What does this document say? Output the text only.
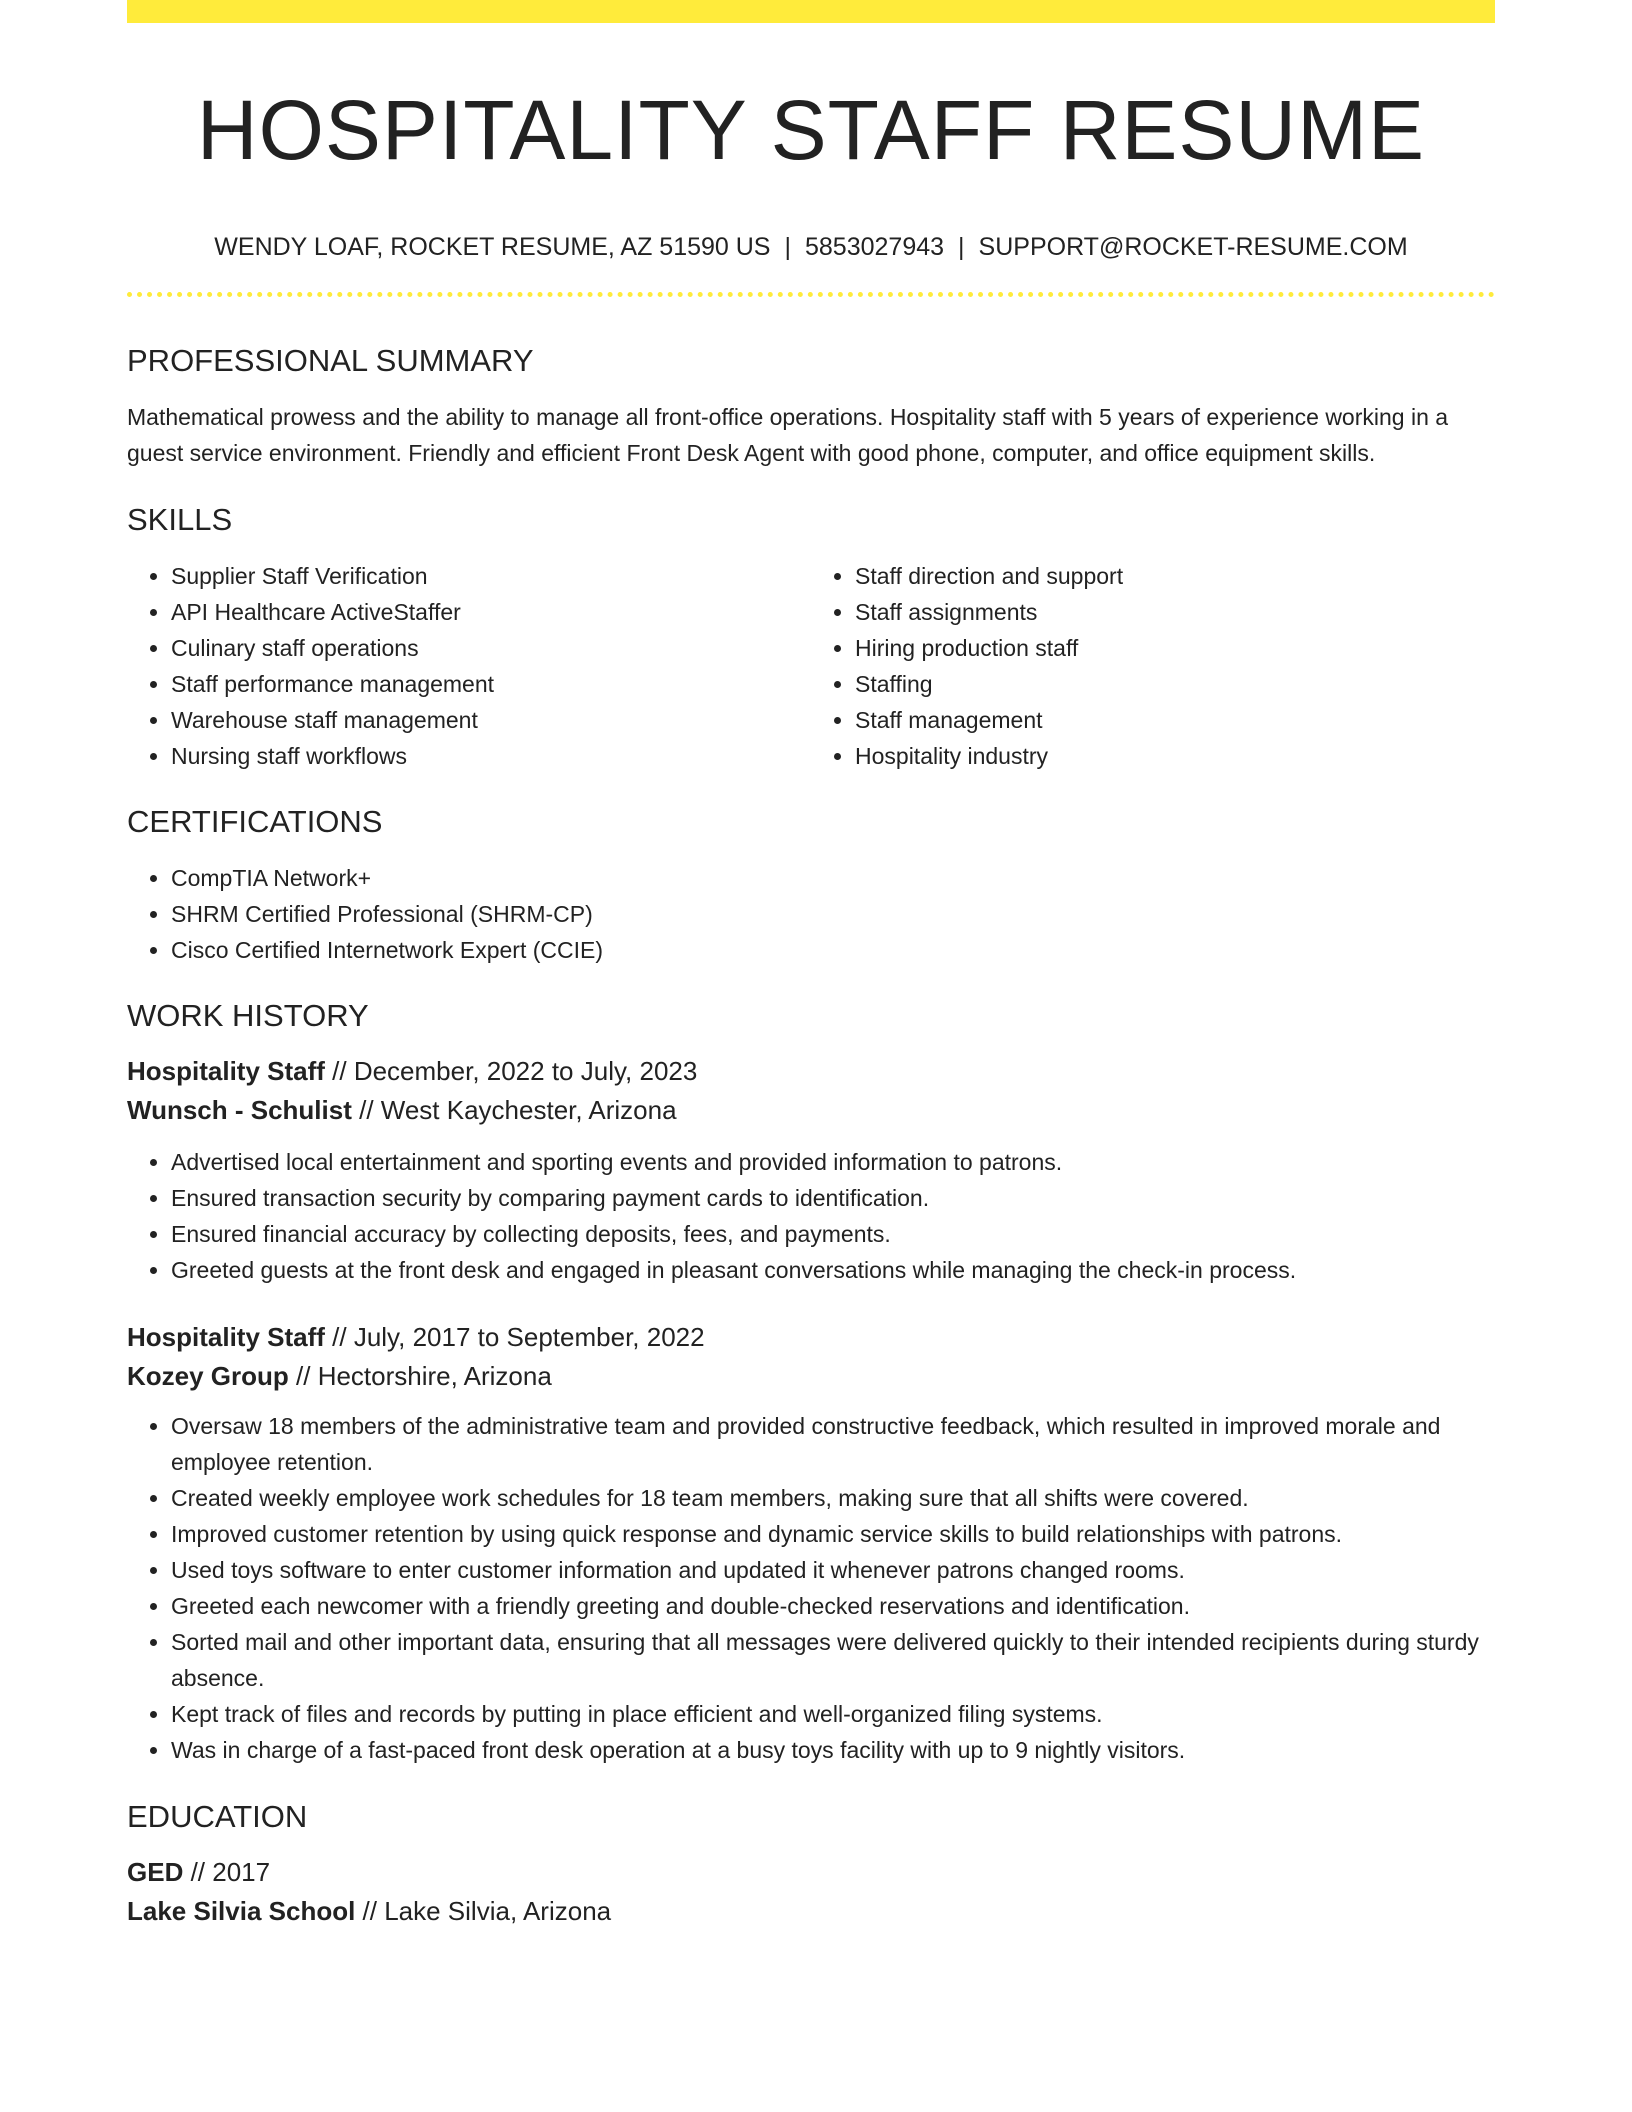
HOSPITALITY STAFF RESUME
WENDY LOAF, ROCKET RESUME, AZ 51590 US | 5853027943 | SUPPORT@ROCKET-RESUME.COM
PROFESSIONAL SUMMARY

Mathematical prowess and the ability to manage all front-office operations. Hospitality staff with 5 years of experience working in a guest service environment. Friendly and efficient Front Desk Agent with good phone, computer, and office equipment skills.

SKILLS
• Supplier Staff Verification
• API Healthcare ActiveStaffer
• Culinary staff operations
• Staff performance management
• Warehouse staff management
• Nursing staff workflows
• Staff direction and support
• Staff assignments
• Hiring production staff
• Staffing
• Staff management
• Hospitality industry
CERTIFICATIONS
• CompTIA Network+
• SHRM Certified Professional (SHRM-CP)
• Cisco Certified Internetwork Expert (CCIE)
WORK HISTORY

Hospitality Staff // December, 2022 to July, 2023

Wunsch - Schulist // West Kaychester, Arizona

• Advertised local entertainment and sporting events and provided information to patrons.
• Ensured transaction security by comparing payment cards to identification.
• Ensured financial accuracy by collecting deposits, fees, and payments.
• Greeted guests at the front desk and engaged in pleasant conversations while managing the check-in process.

Hospitality Staff // July, 2017 to September, 2022

Kozey Group // Hectorshire, Arizona

• Oversaw 18 members of the administrative team and provided constructive feedback, which resulted in improved morale and employee retention.
• Created weekly employee work schedules for 18 team members, making sure that all shifts were covered.
• Improved customer retention by using quick response and dynamic service skills to build relationships with patrons.
• Used toys software to enter customer information and updated it whenever patrons changed rooms.
• Greeted each newcomer with a friendly greeting and double-checked reservations and identification.
• Sorted mail and other important data, ensuring that all messages were delivered quickly to their intended recipients during sturdy absence.
• Kept track of files and records by putting in place efficient and well-organized filing systems.
• Was in charge of a fast-paced front desk operation at a busy toys facility with up to 9 nightly visitors.
EDUCATION

GED // 2017

Lake Silvia School // Lake Silvia, Arizona
